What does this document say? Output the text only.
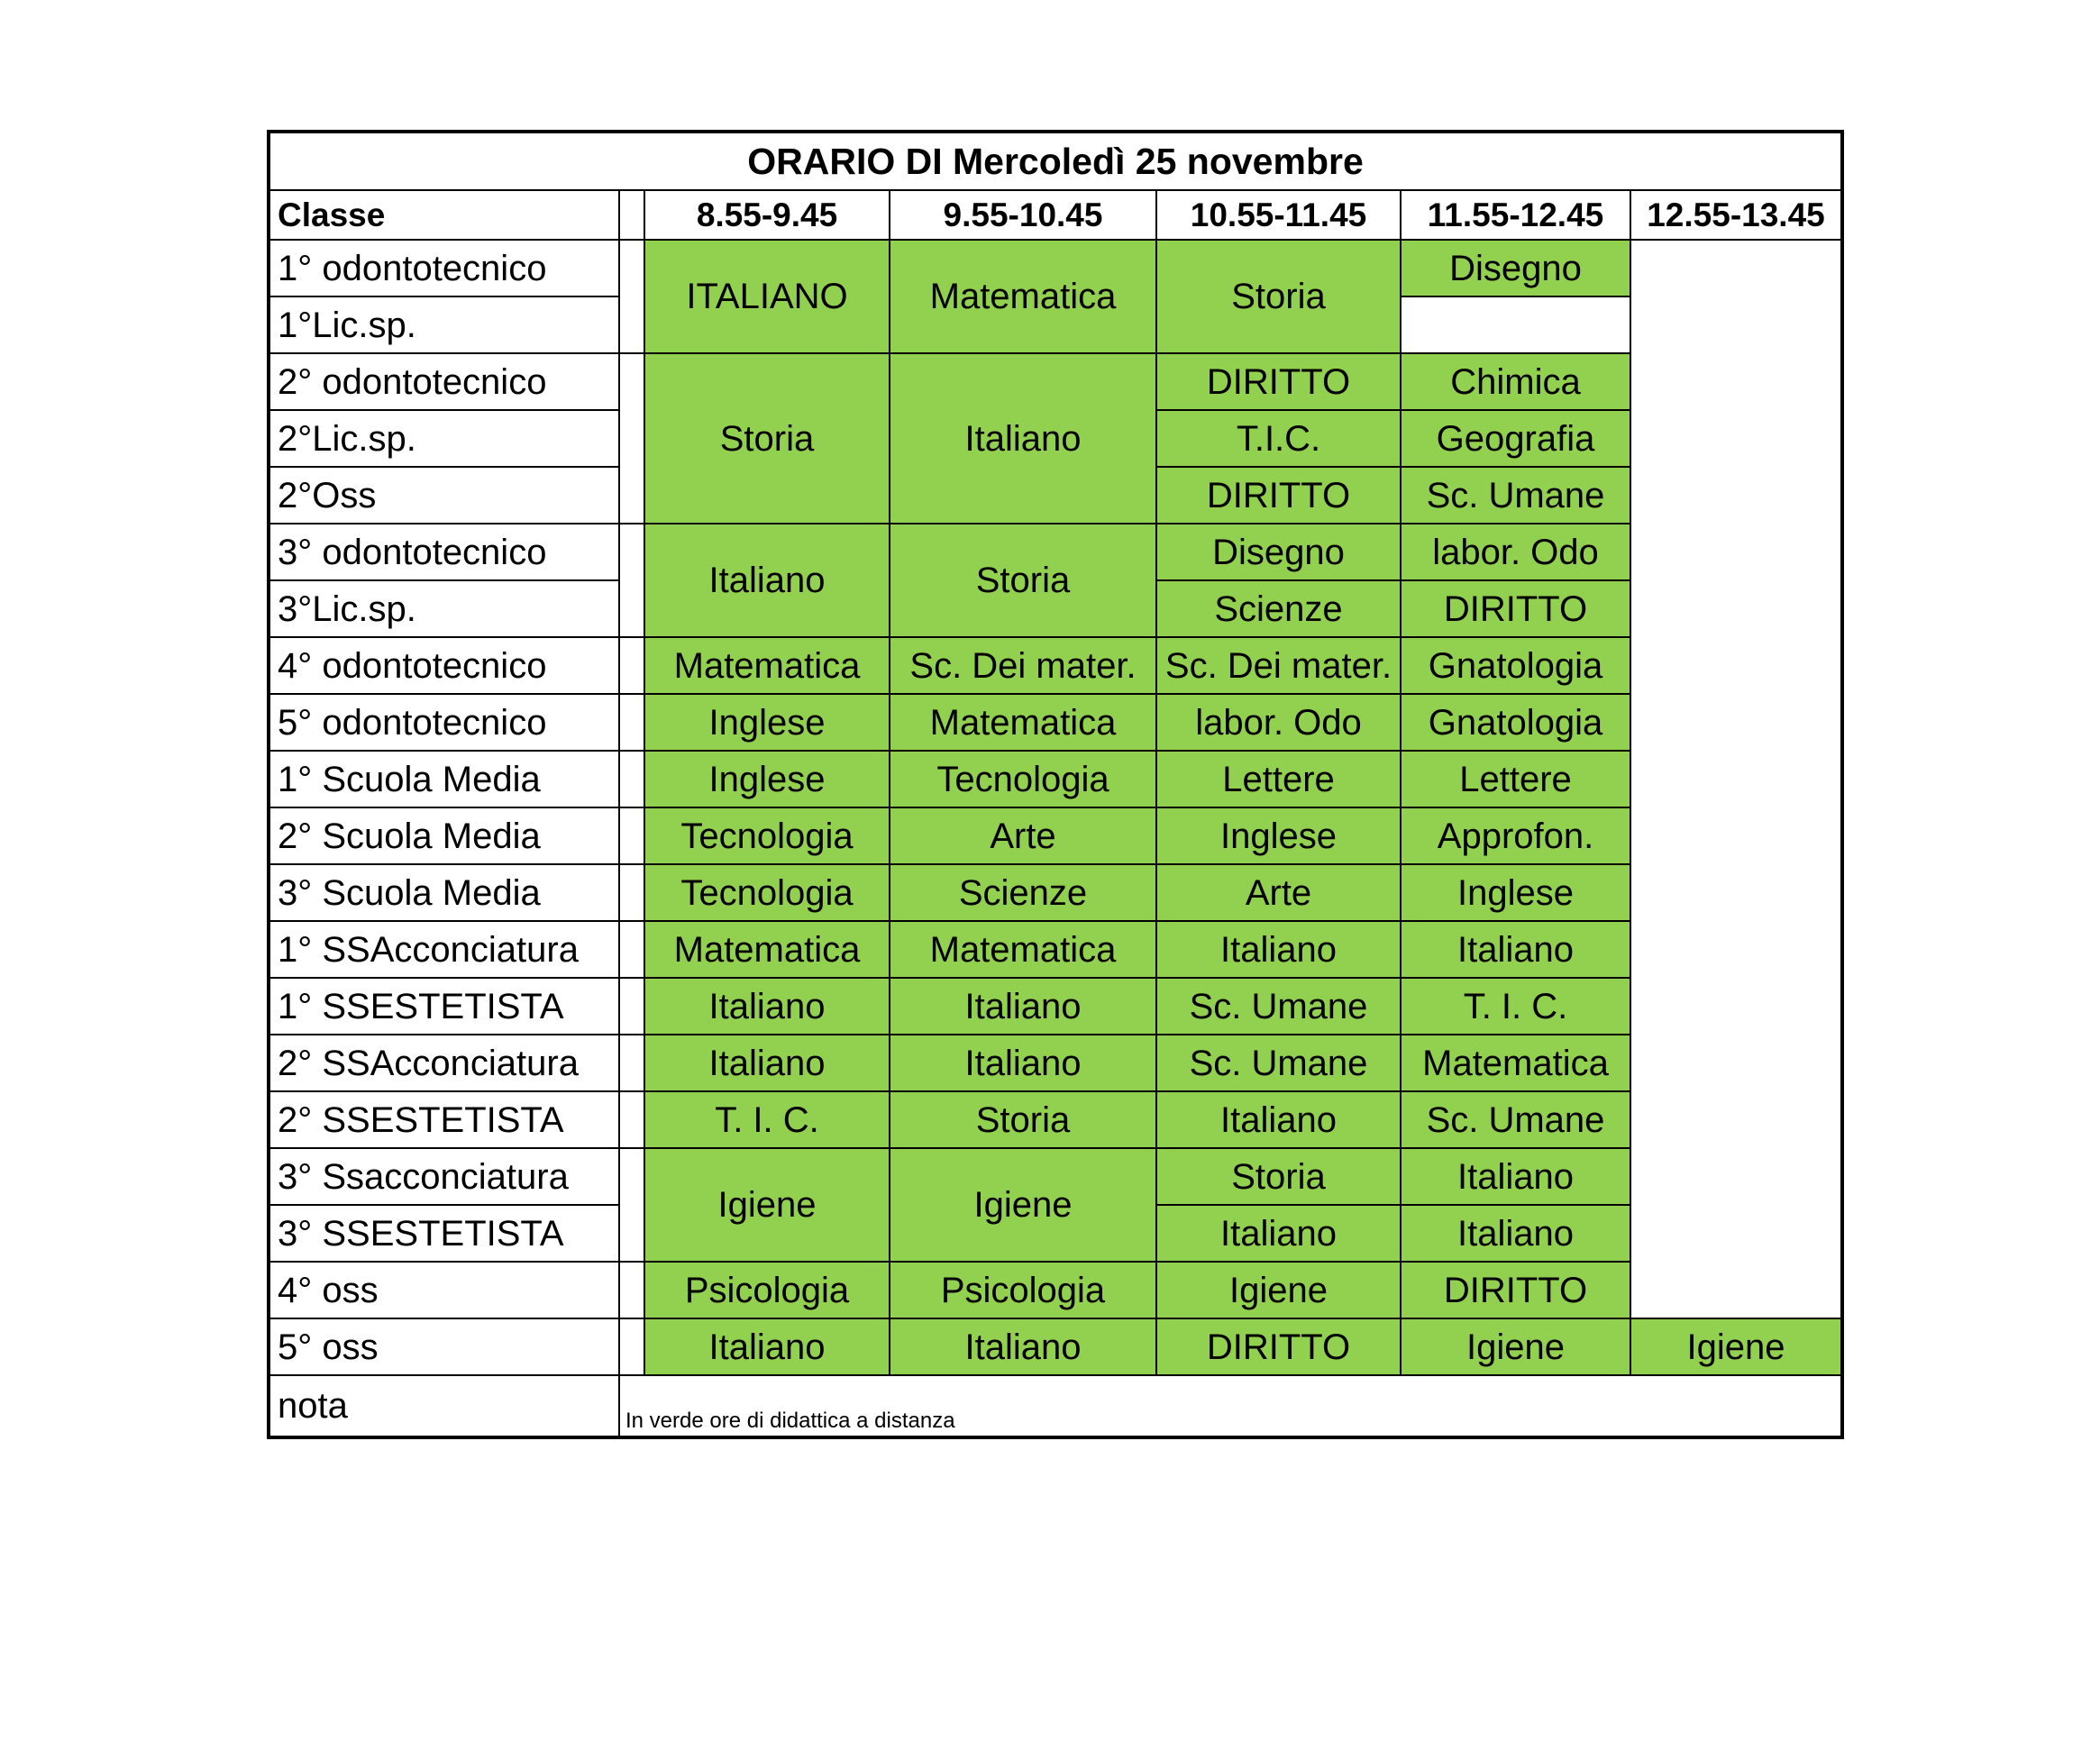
ORARIO DI Mercoledì 25 novembre						
Classe		8.55-9.45	9.55-10.45	10.55-11.45	11.55-12.45	12.55-13.45
1° odontotecnico		ITALIANO	Matematica	Storia	Disegno	
1°Lic.sp.						
2° odontotecnico		Storia	Italiano	DIRITTO	Chimica	
2°Lic.sp.				T.I.C.	Geografia	
2°Oss				DIRITTO	Sc. Umane	
3° odontotecnico		Italiano	Storia	Disegno	labor. Odo	
3°Lic.sp.				Scienze	DIRITTO	
4° odontotecnico		Matematica	Sc. Dei mater.	Sc. Dei mater.	Gnatologia	
5° odontotecnico		Inglese	Matematica	labor. Odo	Gnatologia	
1° Scuola Media		Inglese	Tecnologia	Lettere	Lettere	
2° Scuola Media		Tecnologia	Arte	Inglese	Approfon.	
3° Scuola Media		Tecnologia	Scienze	Arte	Inglese	
1° SSAcconciatura		Matematica	Matematica	Italiano	Italiano	
1° SSESTETISTA		Italiano	Italiano	Sc. Umane	T. I. C.	
2° SSAcconciatura		Italiano	Italiano	Sc. Umane	Matematica	
2° SSESTETISTA		T. I. C.	Storia	Italiano	Sc. Umane	
3° Ssacconciatura		Igiene	Igiene	Storia	Italiano	
3° SSESTETISTA				Italiano	Italiano	
4° oss		Psicologia	Psicologia	Igiene	DIRITTO	
5° oss		Italiano	Italiano	DIRITTO	Igiene	Igiene
nota	In verde ore di didattica a distanza					
